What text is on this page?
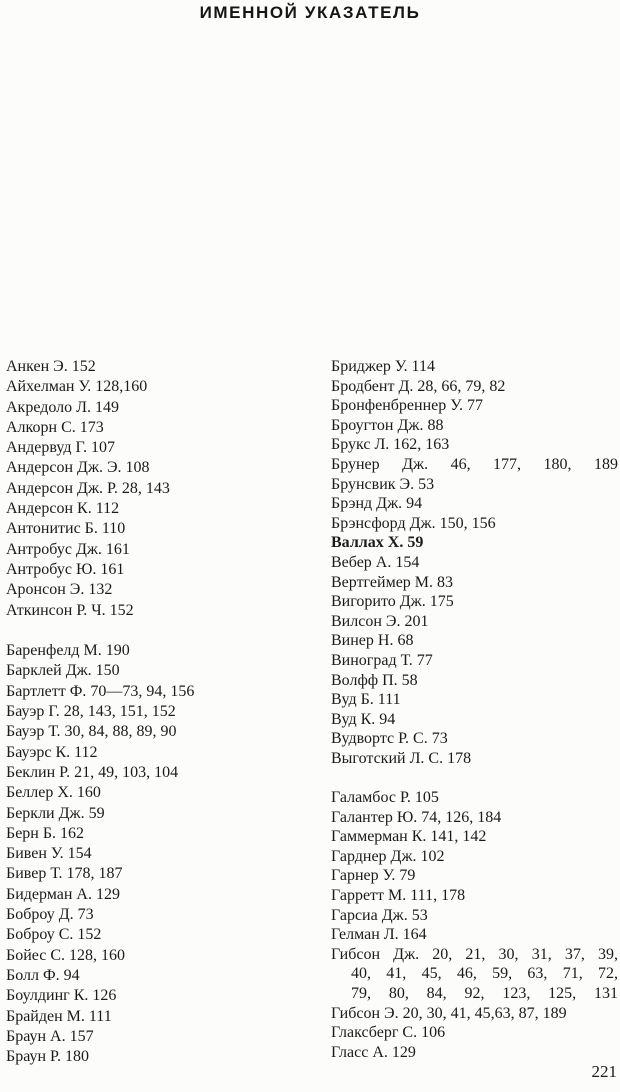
ИМЕННОЙ УКАЗАТЕЛЬ
Анкен Э. 152
Айхелман У. 128,160
Акредоло Л. 149
Алкорн С. 173
Андервуд Г. 107
Андерсон Дж. Э. 108
Андерсон Дж. Р. 28, 143
Андерсон К. 112
Антонитис Б. 110
Антробус Дж. 161
Антробус Ю. 161
Аронсон Э. 132
Аткинсон Р. Ч. 152

Баренфелд М. 190
Барклей Дж. 150
Бартлетт Ф. 70—73, 94, 156
Бауэр Г. 28, 143, 151, 152
Бауэр Т. 30, 84, 88, 89, 90
Бауэрс К. 112
Беклин Р. 21, 49, 103, 104
Беллер Х. 160
Беркли Дж. 59
Берн Б. 162
Бивен У. 154
Бивер Т. 178, 187
Бидерман А. 129
Боброу Д. 73
Боброу С. 152
Бойес С. 128, 160
Болл Ф. 94
Боулдинг К. 126
Брайден М. 111
Браун А. 157
Браун Р. 180
Бриджер У. 114
Бродбент Д. 28, 66, 79, 82
Бронфенбреннер У. 77
Броугтон Дж. 88
Брукс Л. 162, 163
Брунер Дж. 46, 177, 180, 189
Брунсвик Э. 53
Брэнд Дж. 94
Брэнсфорд Дж. 150, 156
Валлах Х. 59
Вебер А. 154
Вертгеймер М. 83
Вигорито Дж. 175
Вилсон Э. 201
Винер Н. 68
Виноград Т. 77
Волфф П. 58
Вуд Б. 111
Вуд К. 94
Вудвортс Р. С. 73
Выготский Л. С. 178

Галамбос Р. 105
Галантер Ю. 74, 126, 184
Гаммерман К. 141, 142
Гарднер Дж. 102
Гарнер У. 79
Гарретт М. 111, 178
Гарсиа Дж. 53
Гелман Л. 164
Гибсон Дж. 20, 21, 30, 31, 37, 39,
40, 41, 45, 46, 59, 63, 71, 72,
79, 80, 84, 92, 123, 125, 131
Гибсон Э. 20, 30, 41, 45,63, 87, 189
Глаксберг С. 106
Гласс А. 129
221
